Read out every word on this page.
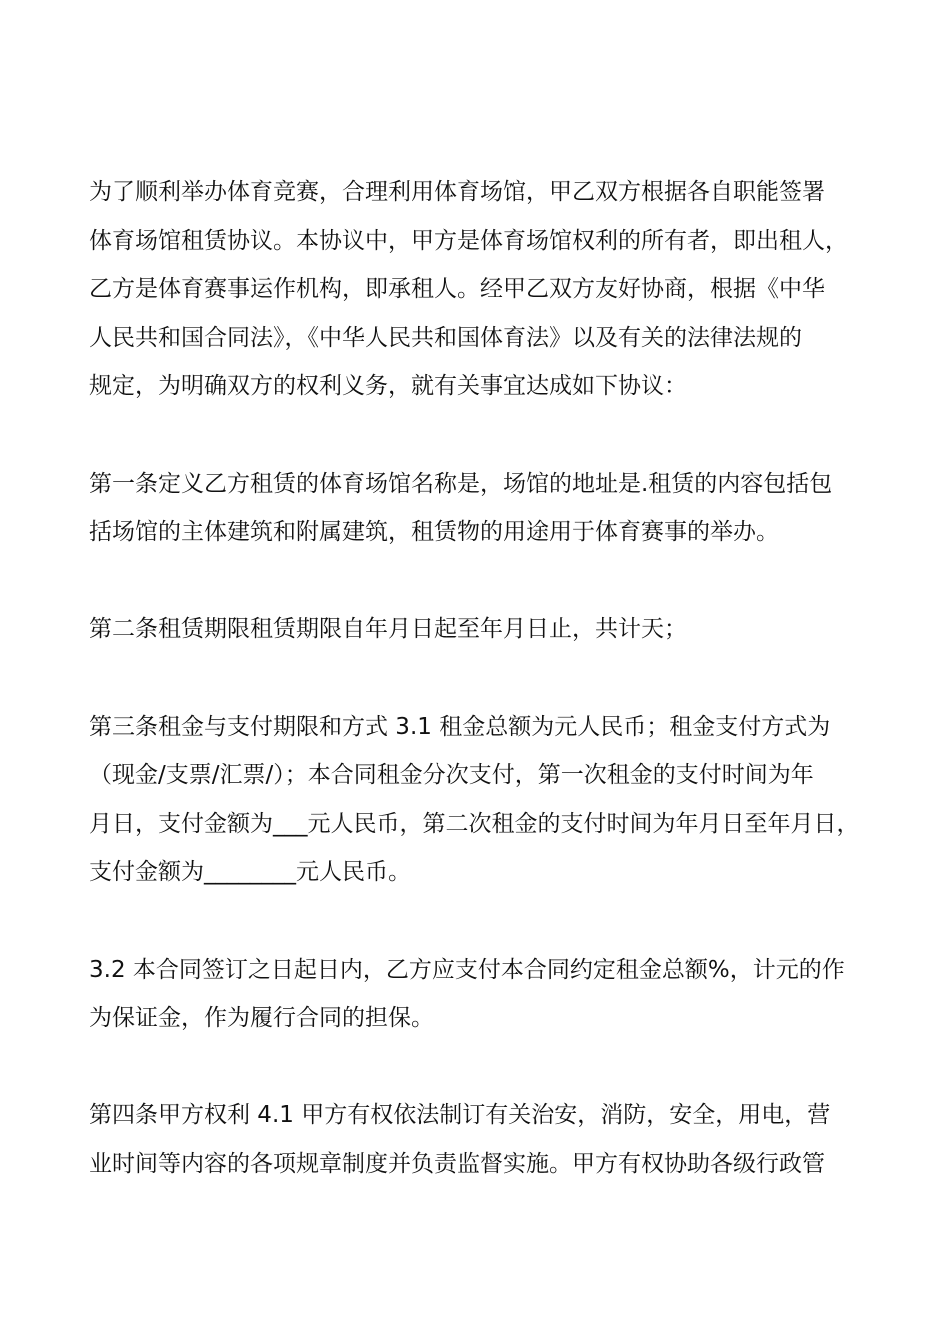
为了顺利举办体育竞赛，合理利用体育场馆，甲乙双方根据各自职能签署
体育场馆租赁协议。本协议中，甲方是体育场馆权利的所有者，即出租人，
乙方是体育赛事运作机构，即承租人。经甲乙双方友好协商，根据《中华
人民共和国合同法》，《中华人民共和国体育法》以及有关的法律法规的
规定，为明确双方的权利义务，就有关事宜达成如下协议：
第一条定义乙方租赁的体育场馆名称是，场馆的地址是.租赁的内容包括包
括场馆的主体建筑和附属建筑，租赁物的用途用于体育赛事的举办。
第二条租赁期限租赁期限自年月日起至年月日止，共计天；
第三条租金与支付期限和方式 3.1 租金总额为元人民币；租金支付方式为
（现金/支票/汇票/）；本合同租金分次支付，第一次租金的支付时间为年
月日，支付金额为___元人民币，第二次租金的支付时间为年月日至年月日，
支付金额为________元人民币。
3.2 本合同签订之日起日内，乙方应支付本合同约定租金总额%，计元的作
为保证金，作为履行合同的担保。
第四条甲方权利 4.1 甲方有权依法制订有关治安，消防，安全，用电，营
业时间等内容的各项规章制度并负责监督实施。甲方有权协助各级行政管
